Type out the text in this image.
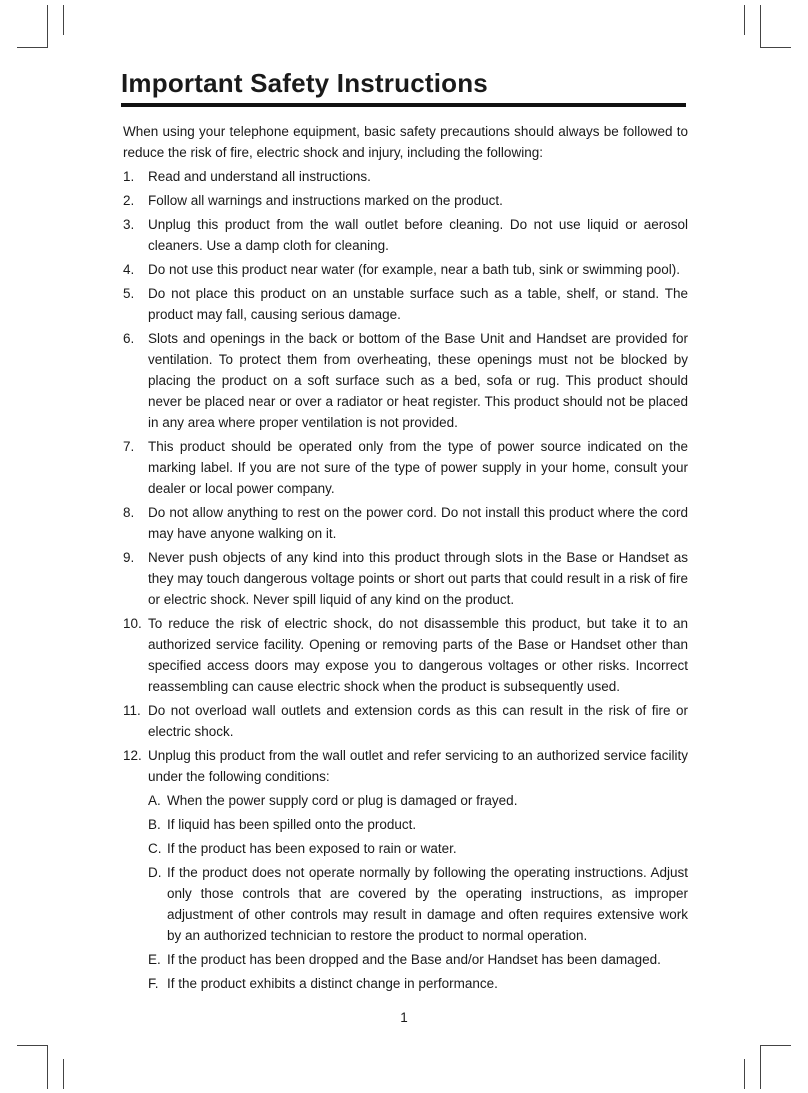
Important Safety Instructions

When using your telephone equipment, basic safety precautions should always be followed to reduce the risk of fire, electric shock and injury, including the following:

1. Read and understand all instructions.
2. Follow all warnings and instructions marked on the product.
3. Unplug this product from the wall outlet before cleaning. Do not use liquid or aerosol cleaners. Use a damp cloth for cleaning.
4. Do not use this product near water (for example, near a bath tub, sink or swimming pool).
5. Do not place this product on an unstable surface such as a table, shelf, or stand. The product may fall, causing serious damage.
6. Slots and openings in the back or bottom of the Base Unit and Handset are provided for ventilation. To protect them from overheating, these openings must not be blocked by placing the product on a soft surface such as a bed, sofa or rug. This product should never be placed near or over a radiator or heat register. This product should not be placed in any area where proper ventilation is not provided.
7. This product should be operated only from the type of power source indicated on the marking label. If you are not sure of the type of power supply in your home, consult your dealer or local power company.
8. Do not allow anything to rest on the power cord. Do not install this product where the cord may have anyone walking on it.
9. Never push objects of any kind into this product through slots in the Base or Handset as they may touch dangerous voltage points or short out parts that could result in a risk of fire or electric shock. Never spill liquid of any kind on the product.
10. To reduce the risk of electric shock, do not disassemble this product, but take it to an authorized service facility. Opening or removing parts of the Base or Handset other than specified access doors may expose you to dangerous voltages or other risks. Incorrect reassembling can cause electric shock when the product is subsequently used.
11. Do not overload wall outlets and extension cords as this can result in the risk of fire or electric shock.
12. Unplug this product from the wall outlet and refer servicing to an authorized service facility under the following conditions:
A. When the power supply cord or plug is damaged or frayed.
B. If liquid has been spilled onto the product.
C. If the product has been exposed to rain or water.
D. If the product does not operate normally by following the operating instructions. Adjust only those controls that are covered by the operating instructions, as improper adjustment of other controls may result in damage and often requires extensive work by an authorized technician to restore the product to normal operation.
E. If the product has been dropped and the Base and/or Handset has been damaged.
F. If the product exhibits a distinct change in performance.
1
